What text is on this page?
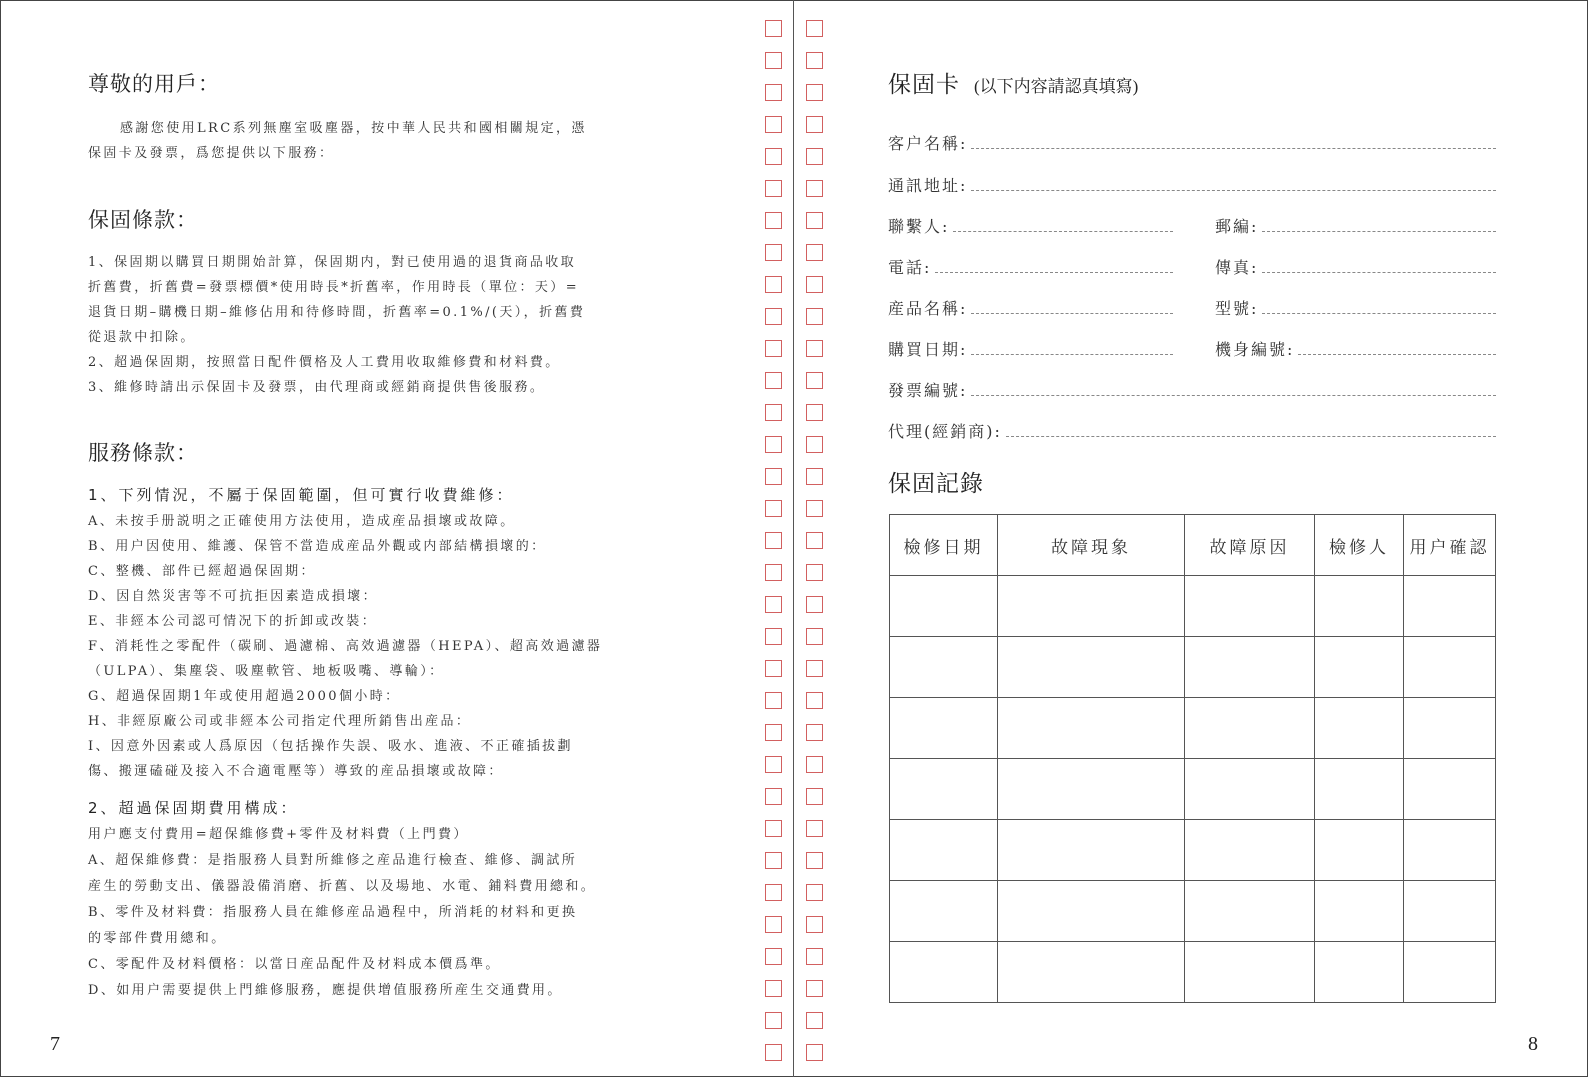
尊敬的用戶：
感謝您使用LRC系列無塵室吸塵器，按中華人民共和國相關規定，憑
保固卡及發票，爲您提供以下服務：
保固條款：
1、保固期以購買日期開始計算，保固期内，對已使用過的退貨商品收取
折舊費，折舊費=發票標價*使用時長*折舊率，作用時長（單位：天）=
退貨日期–購機日期–維修佔用和待修時間，折舊率=0.1%/(天），折舊費
從退款中扣除。
2、超過保固期，按照當日配件價格及人工費用收取維修費和材料費。
3、維修時請出示保固卡及發票，由代理商或經銷商提供售後服務。
服務條款：
1、下列情況，不屬于保固範圍，但可實行收費維修：
A、未按手册説明之正確使用方法使用，造成産品損壞或故障。
B、用户因使用、維護、保管不當造成産品外觀或内部結構損壞的：
C、整機、部件已經超過保固期：
D、因自然災害等不可抗拒因素造成損壞：
E、非經本公司認可情况下的折卸或改裝：
F、消耗性之零配件（碳刷、過濾棉、高效過濾器（HEPA）、超高效過濾器
（ULPA）、集塵袋、吸塵軟管、地板吸嘴、導輪）：
G、超過保固期1年或使用超過2000個小時：
H、非經原廠公司或非經本公司指定代理所銷售出産品：
I、因意外因素或人爲原因（包括操作失誤、吸水、進液、不正確插拔劃
傷、搬運磕碰及接入不合適電壓等）導致的産品損壞或故障：
2、超過保固期費用構成：
用户應支付費用=超保維修費+零件及材料費（上門費）
A、超保維修費：是指服務人員對所維修之産品進行檢查、維修、調試所
産生的勞動支出、儀器設備消磨、折舊、以及場地、水電、鋪料費用總和。
B、零件及材料費：指服務人員在維修産品過程中，所消耗的材料和更换
的零部件費用總和。
C、零配件及材料價格：以當日産品配件及材料成本價爲準。
D、如用户需要提供上門維修服務，應提供增值服務所産生交通費用。
7
保固卡 (以下内容請認真填寫)
客户名稱:
通訊地址:
聯繫人:	郵編:
電話:	傳真:
産品名稱:	型號:
購買日期:	機身編號:
發票編號:
代理(經銷商):
保固記錄
檢修日期	故障現象	故障原因	檢修人	用户確認

8
